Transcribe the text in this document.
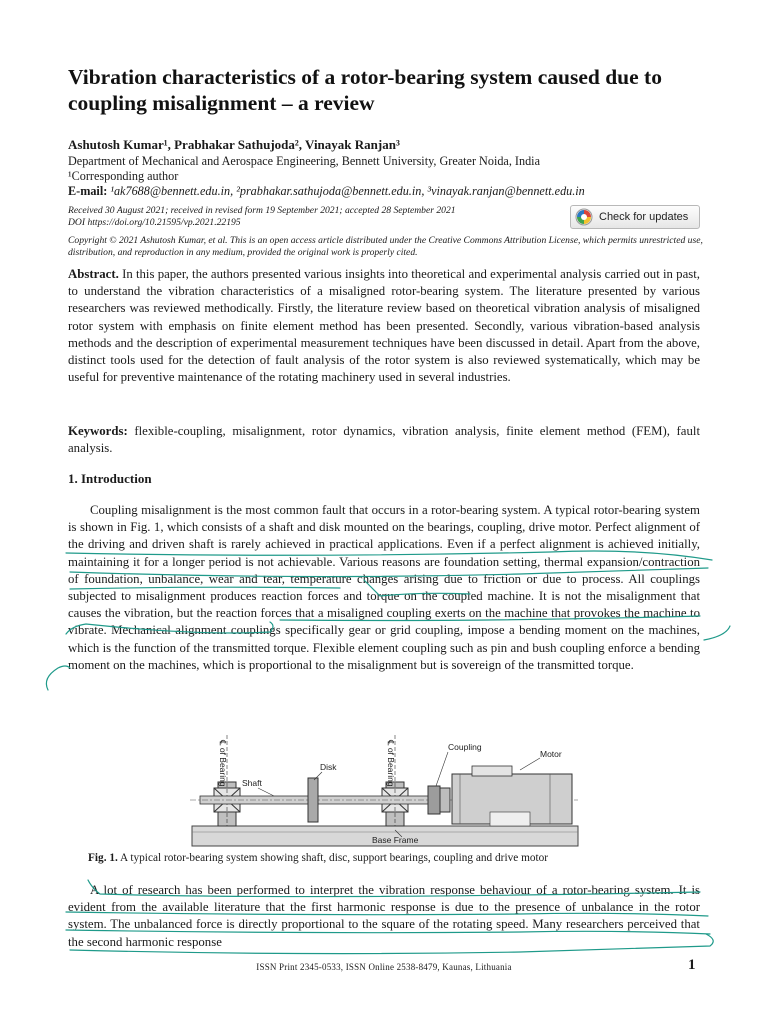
Vibration characteristics of a rotor-bearing system caused due to coupling misalignment – a review
Ashutosh Kumar¹, Prabhakar Sathujoda², Vinayak Ranjan³
Department of Mechanical and Aerospace Engineering, Bennett University, Greater Noida, India
¹Corresponding author
E-mail: ¹ak7688@bennett.edu.in, ²prabhakar.sathujoda@bennett.edu.in, ³vinayak.ranjan@bennett.edu.in
Received 30 August 2021; received in revised form 19 September 2021; accepted 28 September 2021
DOI https://doi.org/10.21595/vp.2021.22195	Check for updates
Copyright © 2021 Ashutosh Kumar, et al. This is an open access article distributed under the Creative Commons Attribution License, which permits unrestricted use, distribution, and reproduction in any medium, provided the original work is properly cited.
Abstract. In this paper, the authors presented various insights into theoretical and experimental analysis carried out in past, to understand the vibration characteristics of a misaligned rotor-bearing system. The literature presented by various researchers was reviewed methodically. Firstly, the literature review based on theoretical vibration analysis of misaligned rotor system with emphasis on finite element method has been presented. Secondly, various vibration-based analysis methods and the description of experimental measurement techniques have been discussed in detail. Apart from the above, distinct tools used for the detection of fault analysis of the rotor system is also reviewed systematically, which may be useful for preventive maintenance of the rotating machinery used in several industries.
Keywords: flexible-coupling, misalignment, rotor dynamics, vibration analysis, finite element method (FEM), fault analysis.
1. Introduction
Coupling misalignment is the most common fault that occurs in a rotor-bearing system. A typical rotor-bearing system is shown in Fig. 1, which consists of a shaft and disk mounted on the bearings, coupling, drive motor. Perfect alignment of the driving and driven shaft is rarely achieved in practical applications. Even if a perfect alignment is achieved initially, maintaining it for a longer period is not achievable. Various reasons are foundation setting, thermal expansion/contraction of foundation, unbalance, wear and tear, temperature changes arising due to friction or due to process. All couplings subjected to misalignment produces reaction forces and torque on the coupled machine. It is not the misalignment that causes the vibration, but the reaction forces that a misaligned coupling exerts on the machine that provokes the machine to vibrate. Mechanical alignment couplings specifically gear or grid coupling, impose a bending moment on the machines, which is the function of the transmitted torque. Flexible element coupling such as pin and bush coupling enforce a bending moment on the machines, which is proportional to the misalignment but is sovereign of the transmitted torque.
℄ of Bearing	℄ of Bearing
Shaft
Disk
Coupling
Motor
Base Frame
Fig. 1. A typical rotor-bearing system showing shaft, disc, support bearings, coupling and drive motor
A lot of research has been performed to interpret the vibration response behaviour of a rotor-bearing system. It is evident from the available literature that the first harmonic response is due to the presence of unbalance in the rotor system. The unbalanced force is directly proportional to the square of the rotating speed. Many researchers perceived that the second harmonic response
ISSN Print 2345-0533, ISSN Online 2538-8479, Kaunas, Lithuania	1
